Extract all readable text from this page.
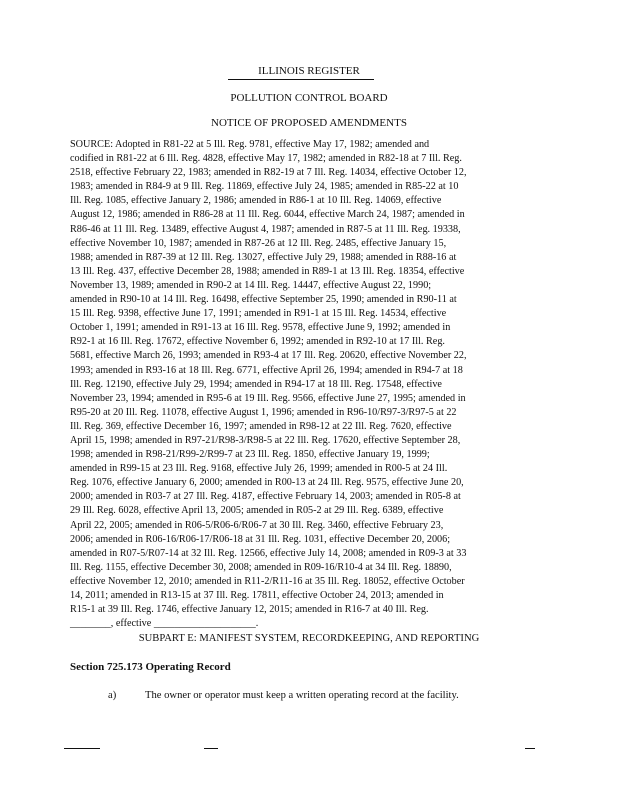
ILLINOIS REGISTER
POLLUTION CONTROL BOARD
NOTICE OF PROPOSED AMENDMENTS
SOURCE: Adopted in R81-22 at 5 Ill. Reg. 9781, effective May 17, 1982; amended and
codified in R81-22 at 6 Ill. Reg. 4828, effective May 17, 1982; amended in R82-18 at 7 Ill. Reg.
2518, effective February 22, 1983; amended in R82-19 at 7 Ill. Reg. 14034, effective October 12,
1983; amended in R84-9 at 9 Ill. Reg. 11869, effective July 24, 1985; amended in R85-22 at 10
Ill. Reg. 1085, effective January 2, 1986; amended in R86-1 at 10 Ill. Reg. 14069, effective
August 12, 1986; amended in R86-28 at 11 Ill. Reg. 6044, effective March 24, 1987; amended in
R86-46 at 11 Ill. Reg. 13489, effective August 4, 1987; amended in R87-5 at 11 Ill. Reg. 19338,
effective November 10, 1987; amended in R87-26 at 12 Ill. Reg. 2485, effective January 15,
1988; amended in R87-39 at 12 Ill. Reg. 13027, effective July 29, 1988; amended in R88-16 at
13 Ill. Reg. 437, effective December 28, 1988; amended in R89-1 at 13 Ill. Reg. 18354, effective
November 13, 1989; amended in R90-2 at 14 Ill. Reg. 14447, effective August 22, 1990;
amended in R90-10 at 14 Ill. Reg. 16498, effective September 25, 1990; amended in R90-11 at
15 Ill. Reg. 9398, effective June 17, 1991; amended in R91-1 at 15 Ill. Reg. 14534, effective
October 1, 1991; amended in R91-13 at 16 Ill. Reg. 9578, effective June 9, 1992; amended in
R92-1 at 16 Ill. Reg. 17672, effective November 6, 1992; amended in R92-10 at 17 Ill. Reg.
5681, effective March 26, 1993; amended in R93-4 at 17 Ill. Reg. 20620, effective November 22,
1993; amended in R93-16 at 18 Ill. Reg. 6771, effective April 26, 1994; amended in R94-7 at 18
Ill. Reg. 12190, effective July 29, 1994; amended in R94-17 at 18 Ill. Reg. 17548, effective
November 23, 1994; amended in R95-6 at 19 Ill. Reg. 9566, effective June 27, 1995; amended in
R95-20 at 20 Ill. Reg. 11078, effective August 1, 1996; amended in R96-10/R97-3/R97-5 at 22
Ill. Reg. 369, effective December 16, 1997; amended in R98-12 at 22 Ill. Reg. 7620, effective
April 15, 1998; amended in R97-21/R98-3/R98-5 at 22 Ill. Reg. 17620, effective September 28,
1998; amended in R98-21/R99-2/R99-7 at 23 Ill. Reg. 1850, effective January 19, 1999;
amended in R99-15 at 23 Ill. Reg. 9168, effective July 26, 1999; amended in R00-5 at 24 Ill.
Reg. 1076, effective January 6, 2000; amended in R00-13 at 24 Ill. Reg. 9575, effective June 20,
2000; amended in R03-7 at 27 Ill. Reg. 4187, effective February 14, 2003; amended in R05-8 at
29 Ill. Reg. 6028, effective April 13, 2005; amended in R05-2 at 29 Ill. Reg. 6389, effective
April 22, 2005; amended in R06-5/R06-6/R06-7 at 30 Ill. Reg. 3460, effective February 23,
2006; amended in R06-16/R06-17/R06-18 at 31 Ill. Reg. 1031, effective December 20, 2006;
amended in R07-5/R07-14 at 32 Ill. Reg. 12566, effective July 14, 2008; amended in R09-3 at 33
Ill. Reg. 1155, effective December 30, 2008; amended in R09-16/R10-4 at 34 Ill. Reg. 18890,
effective November 12, 2010; amended in R11-2/R11-16 at 35 Ill. Reg. 18052, effective October
14, 2011; amended in R13-15 at 37 Ill. Reg. 17811, effective October 24, 2013; amended in
R15-1 at 39 Ill. Reg. 1746, effective January 12, 2015; amended in R16-7 at 40 Ill. Reg.
________, effective ____________________.
SUBPART E: MANIFEST SYSTEM, RECORDKEEPING, AND REPORTING
Section 725.173 Operating Record
a)	The owner or operator must keep a written operating record at the facility.
